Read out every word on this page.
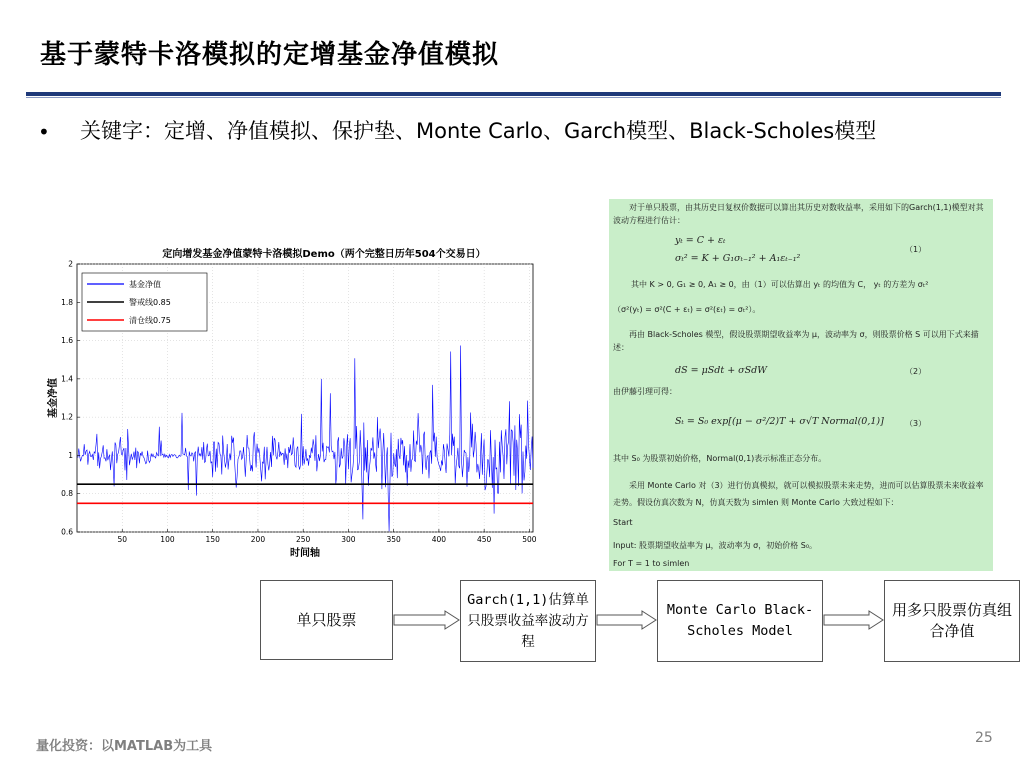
基于蒙特卡洛模拟的定增基金净值模拟
• 关键字：定增、净值模拟、保护垫、Monte Carlo、Garch模型、Black-Scholes模型
定向增发基金净值蒙特卡洛模拟Demo（两个完整日历年504个交易日）
50	100	150	200	250	300	350	400	450	500
0.6
0.8
1
1.2
1.4
1.6
1.8
2
时间轴
基金净值
基金净值
警戒线0.85
清仓线0.75
对于单只股票，由其历史日复权价数据可以算出其历史对数收益率，采用如下的Garch(1,1)模型对其波动方程进行估计：
yₜ = C + εₜ
σₜ² = K + G₁σₜ₋₁² + A₁εₜ₋₁²
（1）
其中 K > 0, G₁ ≥ 0, A₁ ≥ 0，由（1）可以估算出 yₜ 的均值为 C， yₜ 的方差为 σₜ²
（σ²(yₜ) = σ²(C + εₜ) = σ²(εₜ) = σₜ²）。
再由 Black-Scholes 模型，假设股票期望收益率为 μ，波动率为 σ，则股票价格 S 可以用下式来描述：
dS = μSdt + σSdW	（2）
由伊藤引理可得：
Sₜ = S₀ exp[(μ − σ²/2)T + σ√T Normal(0,1)]	（3）
其中 S₀ 为股票初始价格，Normal(0,1)表示标准正态分布。
采用 Monte Carlo 对（3）进行仿真模拟，就可以模拟股票未来走势，进而可以估算股票未来收益率走势。假设仿真次数为 N，仿真天数为 simlen 则 Monte Carlo 大致过程如下：
Start
Input: 股票期望收益率为 μ，波动率为 σ，初始价格 S₀。
For T = 1 to simlen
单只股票
Garch(1,1)估算单只股票收益率波动方程
Monte Carlo Black-Scholes Model
用多只股票仿真组合净值
量化投资：以MATLAB为工具
25
